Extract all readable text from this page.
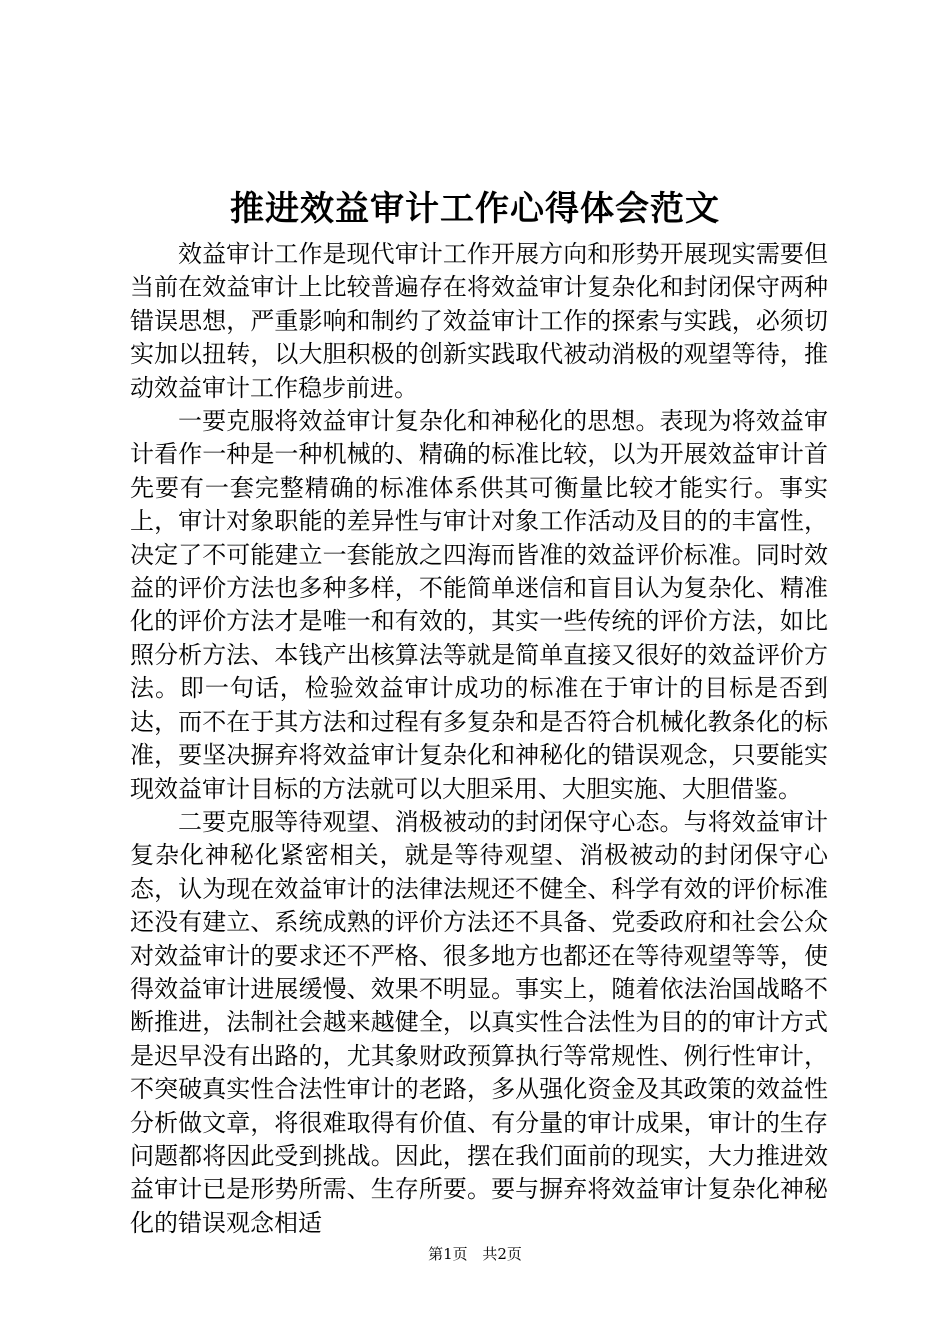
推进效益审计工作心得体会范文

效益审计工作是现代审计工作开展方向和形势开展现实需要但当前在效益审计上比较普遍存在将效益审计复杂化和封闭保守两种错误思想，严重影响和制约了效益审计工作的探索与实践，必须切实加以扭转，以大胆积极的创新实践取代被动消极的观望等待，推动效益审计工作稳步前进。

一要克服将效益审计复杂化和神秘化的思想。表现为将效益审计看作一种是一种机械的、精确的标准比较，以为开展效益审计首先要有一套完整精确的标准体系供其可衡量比较才能实行。事实上，审计对象职能的差异性与审计对象工作活动及目的的丰富性，决定了不可能建立一套能放之四海而皆准的效益评价标准。同时效益的评价方法也多种多样，不能简单迷信和盲目认为复杂化、精准化的评价方法才是唯一和有效的，其实一些传统的评价方法，如比照分析方法、本钱产出核算法等就是简单直接又很好的效益评价方法。即一句话，检验效益审计成功的标准在于审计的目标是否到达，而不在于其方法和过程有多复杂和是否符合机械化教条化的标准，要坚决摒弃将效益审计复杂化和神秘化的错误观念，只要能实现效益审计目标的方法就可以大胆采用、大胆实施、大胆借鉴。

二要克服等待观望、消极被动的封闭保守心态。与将效益审计复杂化神秘化紧密相关，就是等待观望、消极被动的封闭保守心态，认为现在效益审计的法律法规还不健全、科学有效的评价标准还没有建立、系统成熟的评价方法还不具备、党委政府和社会公众对效益审计的要求还不严格、很多地方也都还在等待观望等等，使得效益审计进展缓慢、效果不明显。事实上，随着依法治国战略不断推进，法制社会越来越健全，以真实性合法性为目的的审计方式是迟早没有出路的，尤其象财政预算执行等常规性、例行性审计，不突破真实性合法性审计的老路，多从强化资金及其政策的效益性分析做文章，将很难取得有价值、有分量的审计成果，审计的生存问题都将因此受到挑战。因此，摆在我们面前的现实，大力推进效益审计已是形势所需、生存所要。要与摒弃将效益审计复杂化神秘化的错误观念相适

第1页 共2页
